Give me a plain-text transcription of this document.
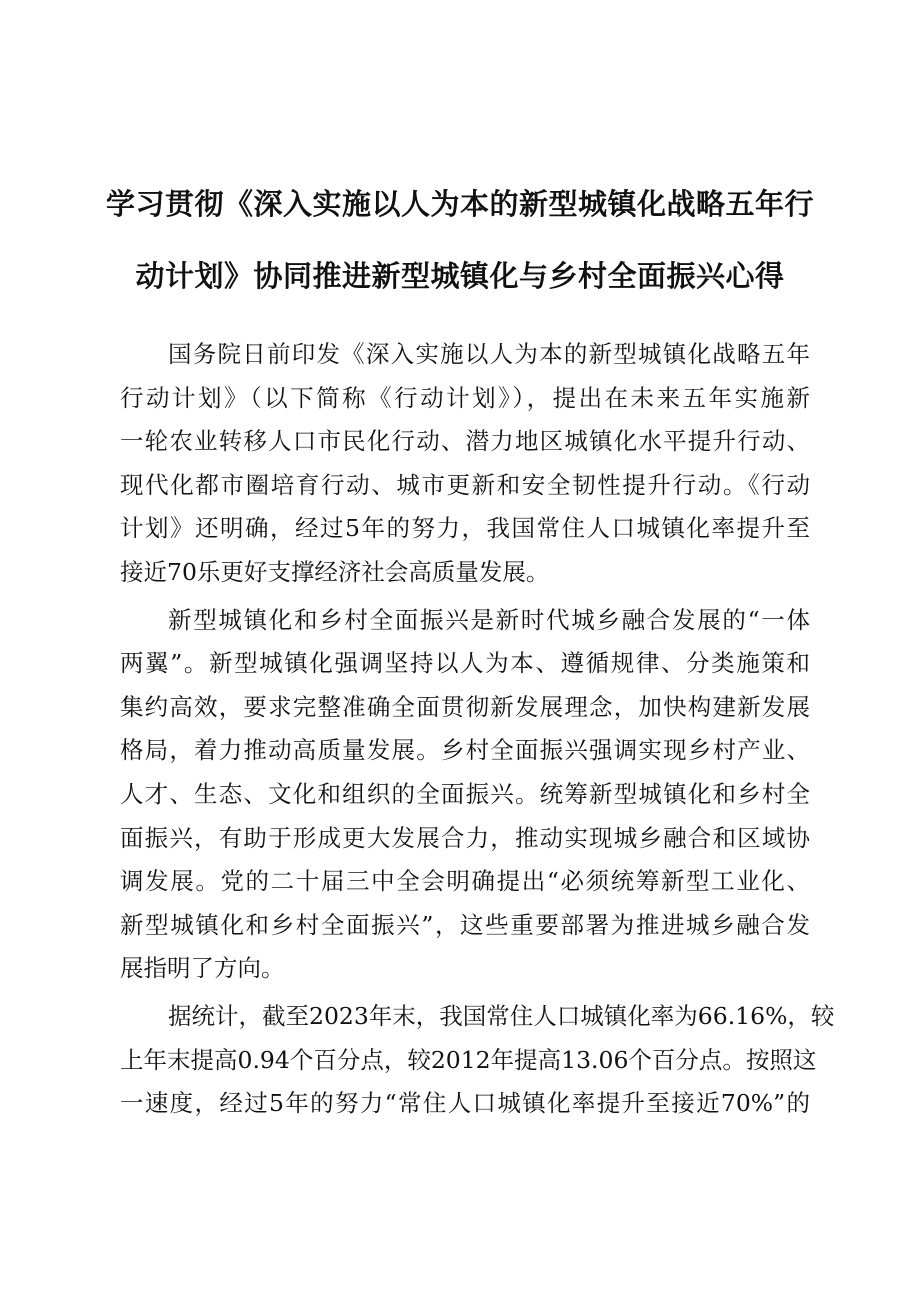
学习贯彻《深入实施以人为本的新型城镇化战略五年行
动计划》协同推进新型城镇化与乡村全面振兴心得

国务院日前印发《深入实施以人为本的新型城镇化战略五年
行动计划》（以下简称《行动计划》），提出在未来五年实施新
一轮农业转移人口市民化行动、潜力地区城镇化水平提升行动、
现代化都市圈培育行动、城市更新和安全韧性提升行动。《行动
计划》还明确，经过5年的努力，我国常住人口城镇化率提升至
接近70乐更好支撑经济社会高质量发展。

新型城镇化和乡村全面振兴是新时代城乡融合发展的“一体
两翼”。新型城镇化强调坚持以人为本、遵循规律、分类施策和
集约高效，要求完整准确全面贯彻新发展理念，加快构建新发展
格局，着力推动高质量发展。乡村全面振兴强调实现乡村产业、
人才、生态、文化和组织的全面振兴。统筹新型城镇化和乡村全
面振兴，有助于形成更大发展合力，推动实现城乡融合和区域协
调发展。党的二十届三中全会明确提出“必须统筹新型工业化、
新型城镇化和乡村全面振兴”，这些重要部署为推进城乡融合发
展指明了方向。

据统计，截至2023年末，我国常住人口城镇化率为66.16%，较
上年末提高0.94个百分点，较2012年提高13.06个百分点。按照这
一速度，经过5年的努力“常住人口城镇化率提升至接近70%”的
